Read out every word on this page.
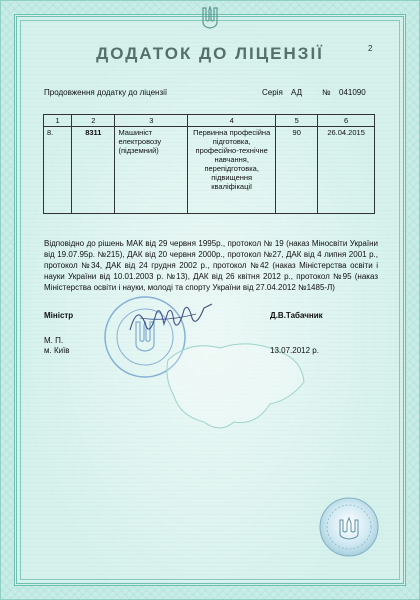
2
ДОДАТОК ДО ЛІЦЕНЗІЇ
Продовження додатку до ліцензії	Серія АД № 041090
1	2	3	4	5	6
8.	8311	Машиніст електровозу (підземний)	Первинна професійна підготовка, професійно-технічне навчання, перепідготовка, підвищення кваліфікації	90	26.04.2015
Відповідно до рішень МАК від 29 червня 1995р., протокол № 19 (наказ Міносвіти України від 19.07.95р. №215), ДАК від 20 червня 2000р., протокол №27, ДАК від 4 липня 2001 р., протокол №34, ДАК від 24 грудня 2002 р., протокол №42 (наказ Міністерства освіти і науки України від 10.01.2003 р. №13), ДАК від 26 квітня 2012 р., протокол №95 (наказ Міністерства освіти і науки, молоді та спорту України від 27.04.2012 №1485-Л)
Міністр	Д.В.Табачник
М. П.
м. Київ	13.07.2012 р.
